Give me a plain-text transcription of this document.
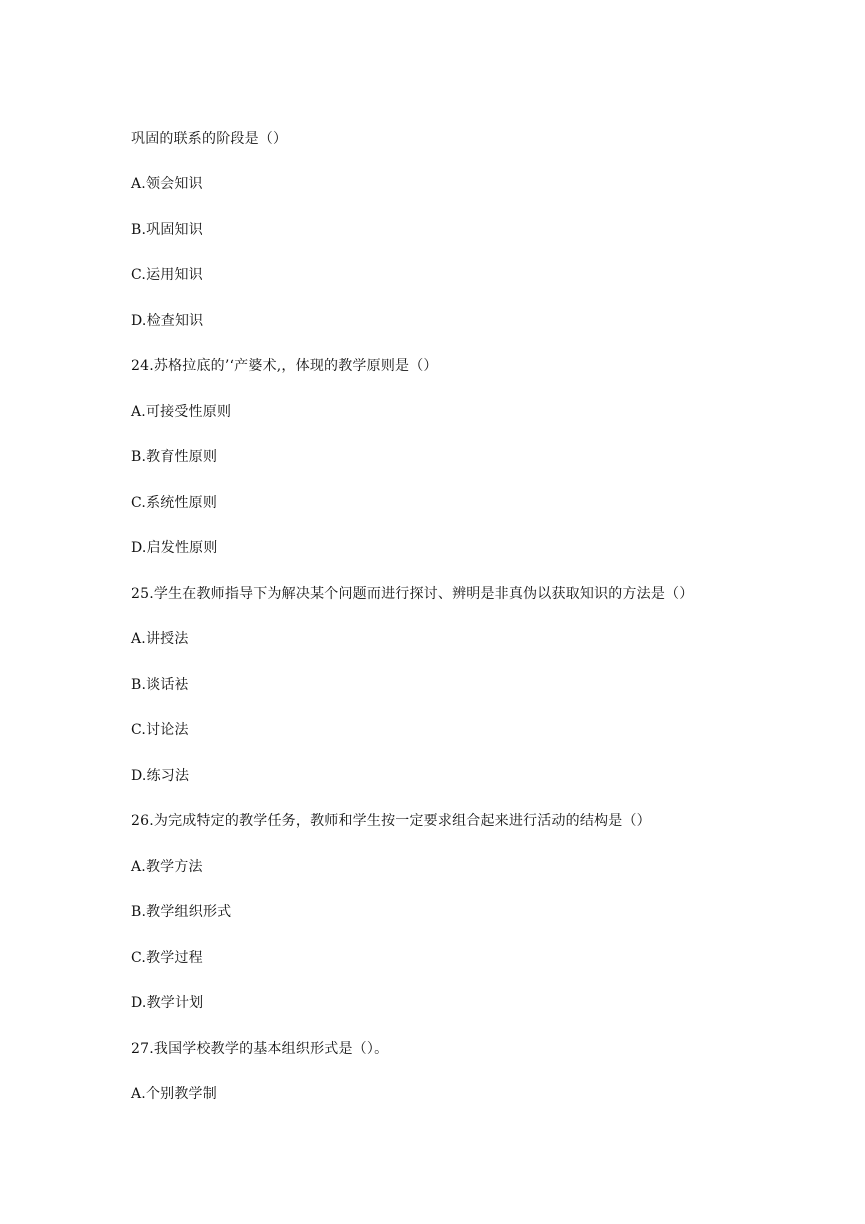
巩固的联系的阶段是（）
A.领会知识
B.巩固知识
C.运用知识
D.检查知识
24.苏格拉底的’‘产婆术,，体现的教学原则是（）
A.可接受性原则
B.教育性原则
C.系统性原则
D.启发性原则
25.学生在教师指导下为解决某个问题而进行探讨、辨明是非真伪以获取知识的方法是（）
A.讲授法
B.谈话袪
C.讨论法
D.练习法
26.为完成特定的教学任务，教师和学生按一定要求组合起来进行活动的结构是（）
A.教学方法
B.教学组织形式
C.教学过程
D.教学计划
27.我国学校教学的基本组织形式是（）。
A.个别教学制
